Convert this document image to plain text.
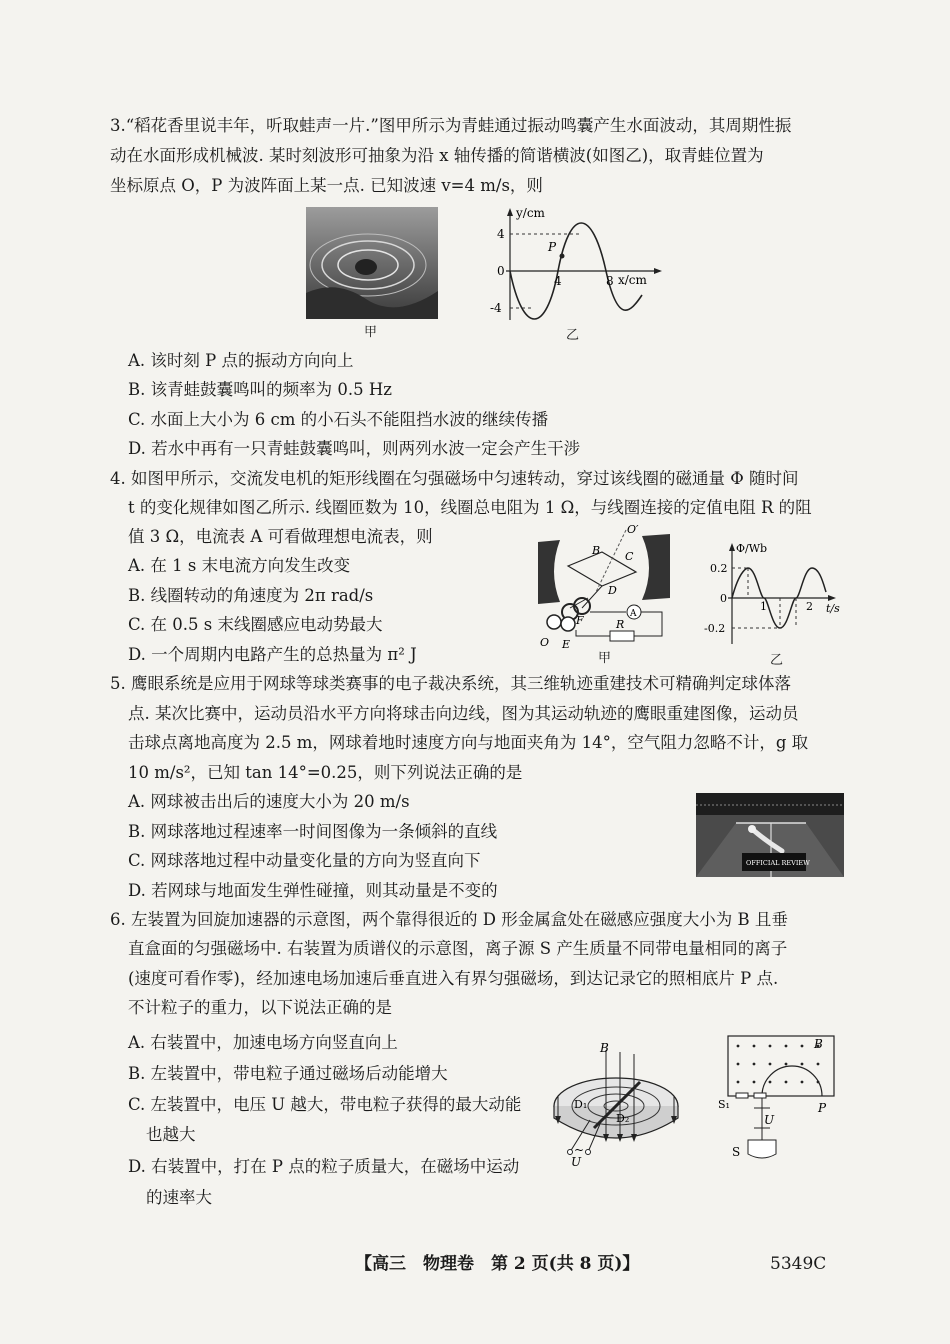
3.“稻花香里说丰年，听取蛙声一片.”图甲所示为青蛙通过振动鸣囊产生水面波动，其周期性振
动在水面形成机械波. 某时刻波形可抽象为沿 x 轴传播的简谐横波(如图乙)，取青蛙位置为
坐标原点 O，P 为波阵面上某一点. 已知波速 v=4 m/s，则
甲
y/cm
x/cm
4
-4
0
4	8
P
乙
A. 该时刻 P 点的振动方向向上
B. 该青蛙鼓囊鸣叫的频率为 0.5 Hz
C. 水面上大小为 6 cm 的小石头不能阻挡水波的继续传播
D. 若水中再有一只青蛙鼓囊鸣叫，则两列水波一定会产生干涉
4. 如图甲所示，交流发电机的矩形线圈在匀强磁场中匀速转动，穿过该线圈的磁通量 Φ 随时间
t 的变化规律如图乙所示. 线圈匝数为 10，线圈总电阻为 1 Ω，与线圈连接的定值电阻 R 的阻
值 3 Ω，电流表 A 可看做理想电流表，则
A. 在 1 s 末电流方向发生改变
B. 线圈转动的角速度为 2π rad/s
C. 在 0.5 s 末线圈感应电动势最大
D. 一个周期内电路产生的总热量为 π² J
A
O′
B C
D
O E
F	R
甲
Φ/Wb
t/s
0.2
-0.2
0
1	2
乙
5. 鹰眼系统是应用于网球等球类赛事的电子裁决系统，其三维轨迹重建技术可精确判定球体落
点. 某次比赛中，运动员沿水平方向将球击向边线，图为其运动轨迹的鹰眼重建图像，运动员
击球点离地高度为 2.5 m，网球着地时速度方向与地面夹角为 14°，空气阻力忽略不计，g 取
10 m/s²，已知 tan 14°=0.25，则下列说法正确的是
A. 网球被击出后的速度大小为 20 m/s
B. 网球落地过程速率一时间图像为一条倾斜的直线
C. 网球落地过程中动量变化量的方向为竖直向下
D. 若网球与地面发生弹性碰撞，则其动量是不变的
OFFICIAL REVIEW
6. 左装置为回旋加速器的示意图，两个靠得很近的 D 形金属盒处在磁感应强度大小为 B 且垂
直盒面的匀强磁场中. 右装置为质谱仪的示意图，离子源 S 产生质量不同带电量相同的离子
(速度可看作零)，经加速电场加速后垂直进入有界匀强磁场，到达记录它的照相底片 P 点.
不计粒子的重力，以下说法正确的是
A. 右装置中，加速电场方向竖直向上
B. 左装置中，带电粒子通过磁场后动能增大
C. 左装置中，电压 U 越大，带电粒子获得的最大动能
也越大
D. 右装置中，打在 P 点的粒子质量大，在磁场中运动
的速率大
B
D₁
D₂
~
U
B
S₁	P
U
S
【高三　物理卷　第 2 页(共 8 页)】	5349C
